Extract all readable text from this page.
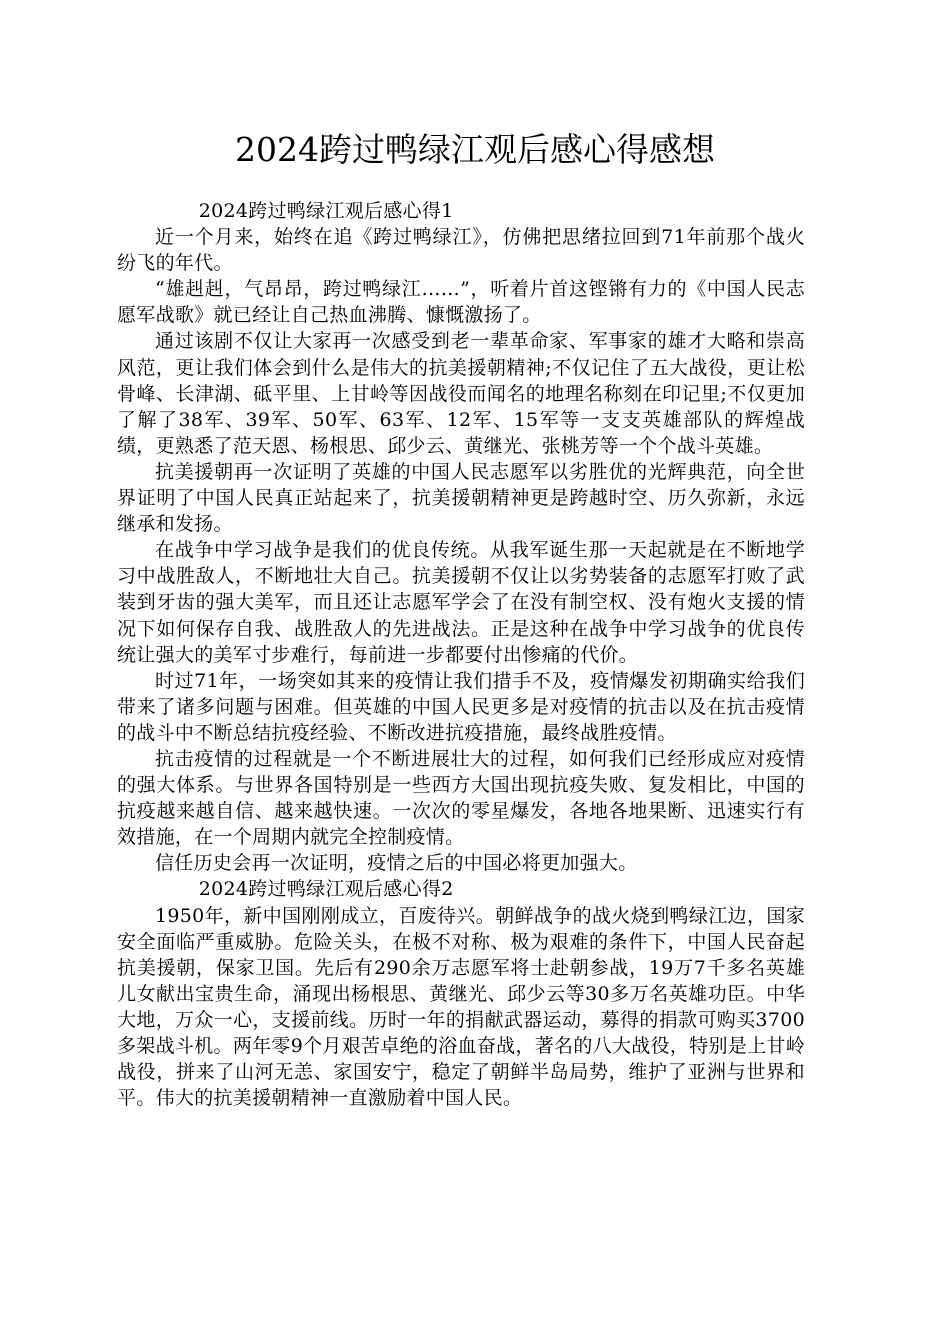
2024跨过鸭绿江观后感心得感想

2024跨过鸭绿江观后感心得1

近一个月来，始终在追《跨过鸭绿江》，仿佛把思绪拉回到71年前那个战火纷飞的年代。

“雄赳赳，气昂昂，跨过鸭绿江……”，听着片首这铿锵有力的《中国人民志愿军战歌》就已经让自己热血沸腾、慷慨激扬了。

通过该剧不仅让大家再一次感受到老一辈革命家、军事家的雄才大略和崇高风范，更让我们体会到什么是伟大的抗美援朝精神;不仅记住了五大战役，更让松骨峰、长津湖、砥平里、上甘岭等因战役而闻名的地理名称刻在印记里;不仅更加了解了38军、39军、50军、63军、12军、15军等一支支英雄部队的辉煌战绩，更熟悉了范天恩、杨根思、邱少云、黄继光、张桃芳等一个个战斗英雄。

抗美援朝再一次证明了英雄的中国人民志愿军以劣胜优的光辉典范，向全世界证明了中国人民真正站起来了，抗美援朝精神更是跨越时空、历久弥新，永远继承和发扬。

在战争中学习战争是我们的优良传统。从我军诞生那一天起就是在不断地学习中战胜敌人，不断地壮大自己。抗美援朝不仅让以劣势装备的志愿军打败了武装到牙齿的强大美军，而且还让志愿军学会了在没有制空权、没有炮火支援的情况下如何保存自我、战胜敌人的先进战法。正是这种在战争中学习战争的优良传统让强大的美军寸步难行，每前进一步都要付出惨痛的代价。

时过71年，一场突如其来的疫情让我们措手不及，疫情爆发初期确实给我们带来了诸多问题与困难。但英雄的中国人民更多是对疫情的抗击以及在抗击疫情的战斗中不断总结抗疫经验、不断改进抗疫措施，最终战胜疫情。

抗击疫情的过程就是一个不断进展壮大的过程，如何我们已经形成应对疫情的强大体系。与世界各国特别是一些西方大国出现抗疫失败、复发相比，中国的抗疫越来越自信、越来越快速。一次次的零星爆发，各地各地果断、迅速实行有效措施，在一个周期内就完全控制疫情。

信任历史会再一次证明，疫情之后的中国必将更加强大。

2024跨过鸭绿江观后感心得2

1950年，新中国刚刚成立，百废待兴。朝鲜战争的战火烧到鸭绿江边，国家安全面临严重威胁。危险关头，在极不对称、极为艰难的条件下，中国人民奋起抗美援朝，保家卫国。先后有290余万志愿军将士赴朝参战，19万7千多名英雄儿女献出宝贵生命，涌现出杨根思、黄继光、邱少云等30多万名英雄功臣。中华大地，万众一心，支援前线。历时一年的捐献武器运动，募得的捐款可购买3700多架战斗机。两年零9个月艰苦卓绝的浴血奋战，著名的八大战役，特别是上甘岭战役，拼来了山河无恙、家国安宁，稳定了朝鲜半岛局势，维护了亚洲与世界和平。伟大的抗美援朝精神一直激励着中国人民。
